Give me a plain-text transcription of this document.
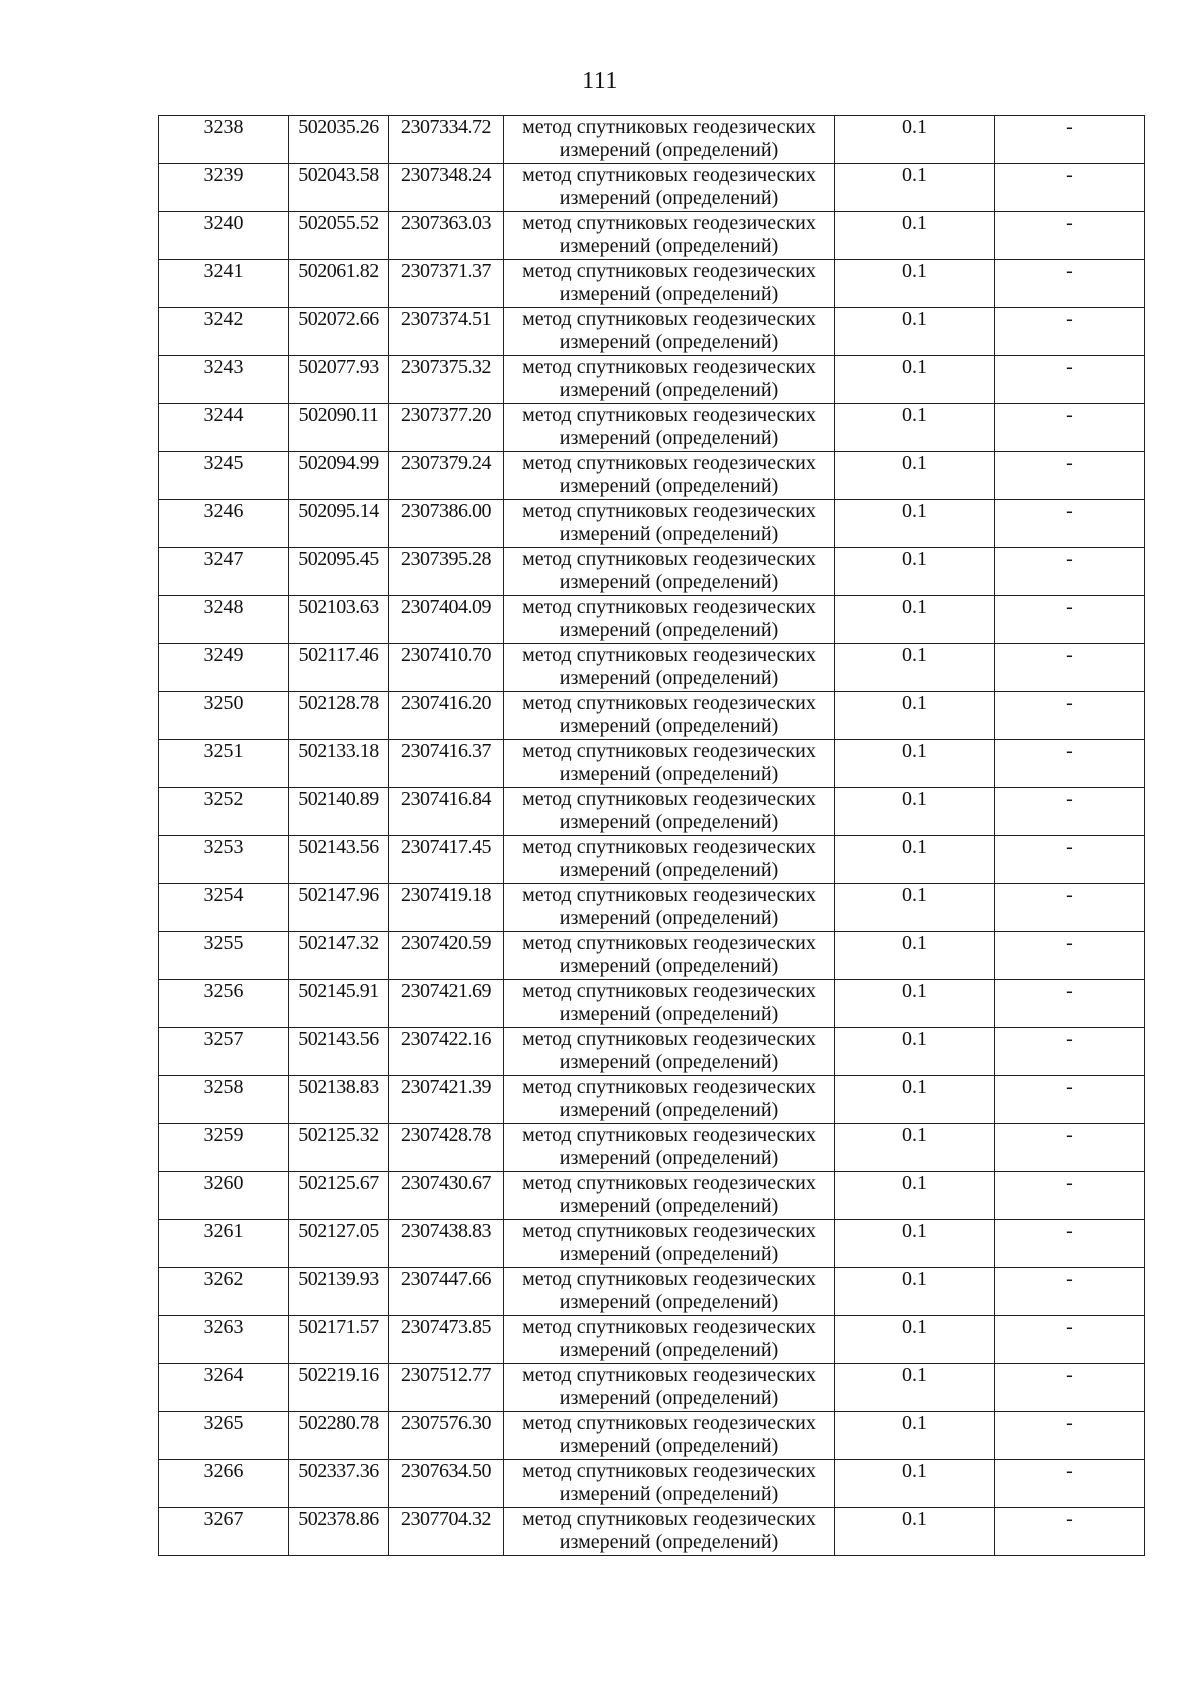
111
3238	502035.26	2307334.72	метод спутниковых геодезических измерений (определений)	0.1	-
3239	502043.58	2307348.24	метод спутниковых геодезических измерений (определений)	0.1	-
3240	502055.52	2307363.03	метод спутниковых геодезических измерений (определений)	0.1	-
3241	502061.82	2307371.37	метод спутниковых геодезических измерений (определений)	0.1	-
3242	502072.66	2307374.51	метод спутниковых геодезических измерений (определений)	0.1	-
3243	502077.93	2307375.32	метод спутниковых геодезических измерений (определений)	0.1	-
3244	502090.11	2307377.20	метод спутниковых геодезических измерений (определений)	0.1	-
3245	502094.99	2307379.24	метод спутниковых геодезических измерений (определений)	0.1	-
3246	502095.14	2307386.00	метод спутниковых геодезических измерений (определений)	0.1	-
3247	502095.45	2307395.28	метод спутниковых геодезических измерений (определений)	0.1	-
3248	502103.63	2307404.09	метод спутниковых геодезических измерений (определений)	0.1	-
3249	502117.46	2307410.70	метод спутниковых геодезических измерений (определений)	0.1	-
3250	502128.78	2307416.20	метод спутниковых геодезических измерений (определений)	0.1	-
3251	502133.18	2307416.37	метод спутниковых геодезических измерений (определений)	0.1	-
3252	502140.89	2307416.84	метод спутниковых геодезических измерений (определений)	0.1	-
3253	502143.56	2307417.45	метод спутниковых геодезических измерений (определений)	0.1	-
3254	502147.96	2307419.18	метод спутниковых геодезических измерений (определений)	0.1	-
3255	502147.32	2307420.59	метод спутниковых геодезических измерений (определений)	0.1	-
3256	502145.91	2307421.69	метод спутниковых геодезических измерений (определений)	0.1	-
3257	502143.56	2307422.16	метод спутниковых геодезических измерений (определений)	0.1	-
3258	502138.83	2307421.39	метод спутниковых геодезических измерений (определений)	0.1	-
3259	502125.32	2307428.78	метод спутниковых геодезических измерений (определений)	0.1	-
3260	502125.67	2307430.67	метод спутниковых геодезических измерений (определений)	0.1	-
3261	502127.05	2307438.83	метод спутниковых геодезических измерений (определений)	0.1	-
3262	502139.93	2307447.66	метод спутниковых геодезических измерений (определений)	0.1	-
3263	502171.57	2307473.85	метод спутниковых геодезических измерений (определений)	0.1	-
3264	502219.16	2307512.77	метод спутниковых геодезических измерений (определений)	0.1	-
3265	502280.78	2307576.30	метод спутниковых геодезических измерений (определений)	0.1	-
3266	502337.36	2307634.50	метод спутниковых геодезических измерений (определений)	0.1	-
3267	502378.86	2307704.32	метод спутниковых геодезических измерений (определений)	0.1	-
